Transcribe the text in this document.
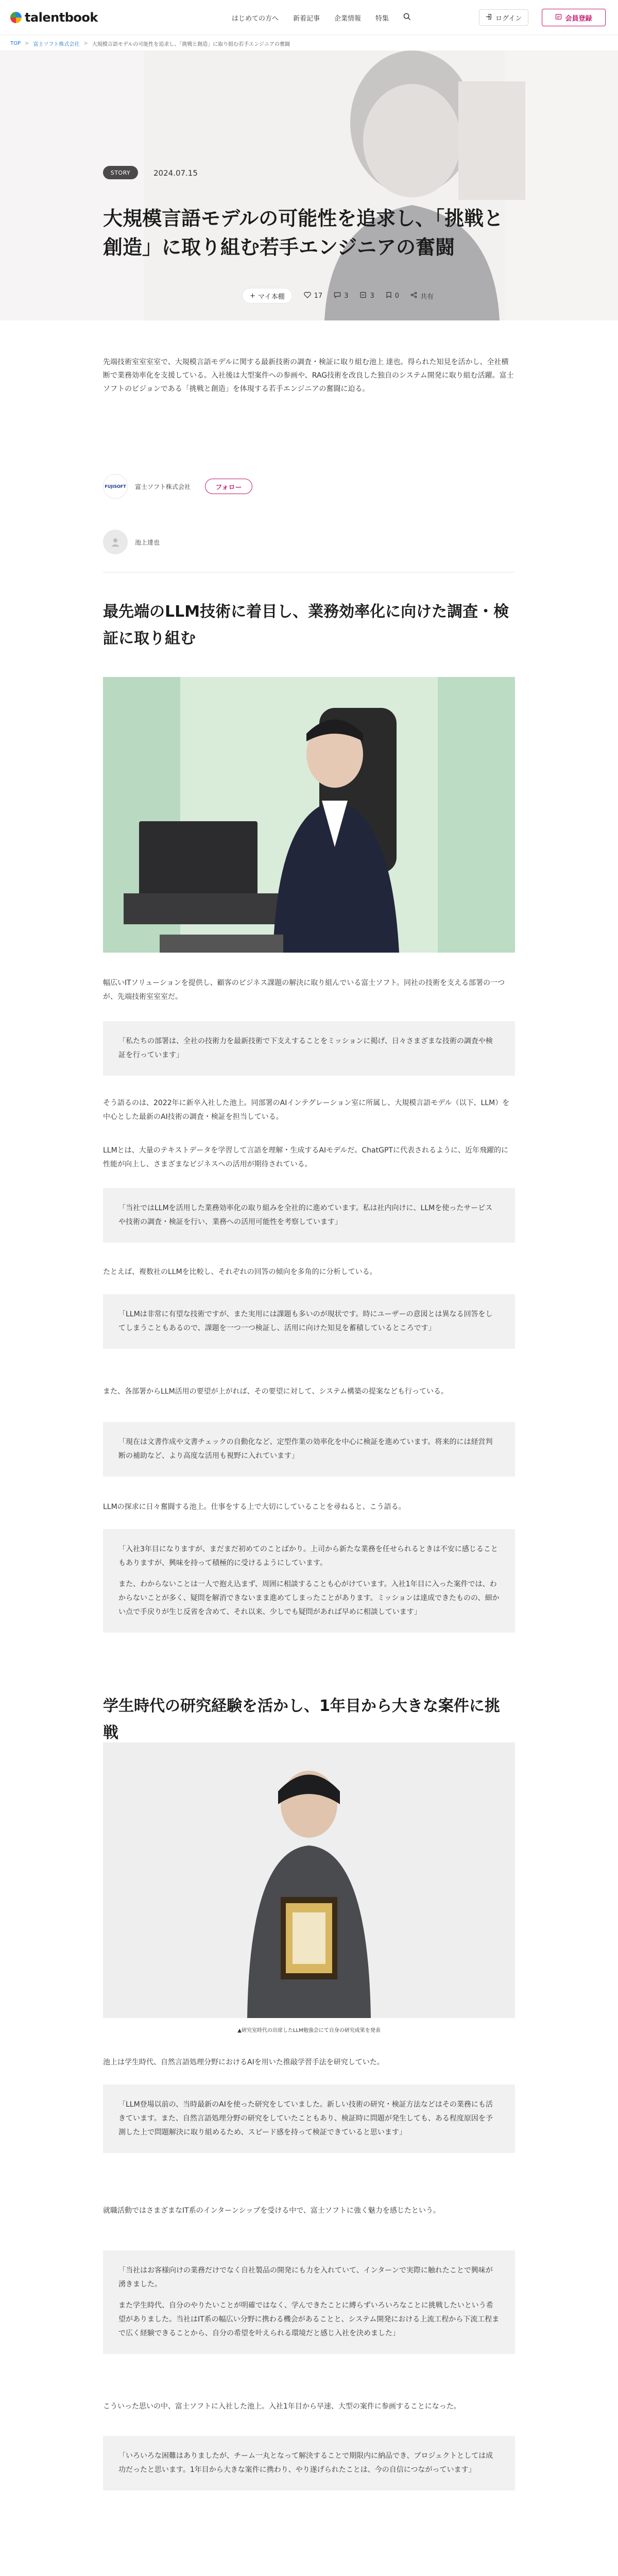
talentbook	はじめての方へ 新着記事 企業情報 特集	ログイン	会員登録
TOP > 富士ソフト株式会社 > 大規模言語モデルの可能性を追求し、「挑戦と創造」に取り組む若手エンジニアの奮闘
STORY	2024.07.15
大規模言語モデルの可能性を追求し、「挑戦と創造」に取り組む若手エンジニアの奮闘
+ マイ本棚	17	3	3	0	共有

先端技術室室室室で、大規模言語モデルに関する最新技術の調査・検証に取り組む池上 達也。得られた知見を活かし、全社横断で業務効率化を支援している。入社後は大型案件への参画や、RAG技術を改良した独自のシステム開発に取り組む活躍。富士ソフトのビジョンである「挑戦と創造」を体現する若手エンジニアの奮闘に迫る。

FUJISOFT 富士ソフト株式会社	フォロー
池上達也
最先端のLLM技術に着目し、業務効率化に向けた調査・検証に取り組む

幅広いITソリューションを提供し、顧客のビジネス課題の解決に取り組んでいる富士ソフト。同社の技術を支える部署の一つが、先端技術室室室だ。

「私たちの部署は、全社の技術力を最新技術で下支えすることをミッションに掲げ、日々さまざまな技術の調査や検証を行っています」

そう語るのは、2022年に新卒入社した池上。同部署のAIインテグレーション室に所属し、大規模言語モデル（以下、LLM）を中心とした最新のAI技術の調査・検証を担当している。

LLMとは、大量のテキストデータを学習して言語を理解・生成するAIモデルだ。ChatGPTに代表されるように、近年飛躍的に性能が向上し、さまざまなビジネスへの活用が期待されている。

「当社ではLLMを活用した業務効率化の取り組みを全社的に進めています。私は社内向けに、LLMを使ったサービスや技術の調査・検証を行い、業務への活用可能性を考察しています」

たとえば、複数社のLLMを比較し、それぞれの回答の傾向を多角的に分析している。

「LLMは非常に有望な技術ですが、また実用には課題も多いのが現状です。時にユーザーの意図とは異なる回答をしてしまうこともあるので、課題を一つ一つ検証し、活用に向けた知見を蓄積しているところです」

また、各部署からLLM活用の要望が上がれば、その要望に対して、システム構築の提案なども行っている。

「現在は文書作成や文書チェックの自動化など、定型作業の効率化を中心に検証を進めています。将来的には経営判断の補助など、より高度な活用も視野に入れています」

LLMの探求に日々奮闘する池上。仕事をする上で大切にしていることを尋ねると、こう語る。

「入社3年目になりますが、まだまだ初めてのことばかり。上司から新たな業務を任せられるときは不安に感じることもありますが、興味を持って積極的に受けるようにしています。

また、わからないことは一人で抱え込まず、周囲に相談することも心がけています。入社1年目に入った案件では、わからないことが多く、疑問を解消できないまま進めてしまったことがあります。ミッションは達成できたものの、細かい点で手戻りが生じ反省を含めて、それ以来、少しでも疑問があれば早めに相談しています」

学生時代の研究経験を活かし、1年目から大きな案件に挑戦

▲研究室時代の出席したLLM勉強会にて自身の研究成果を発表

池上は学生時代、自然言語処理分野におけるAIを用いた推敲学習手法を研究していた。

「LLM登場以前の、当時最新のAIを使った研究をしていました。新しい技術の研究・検証方法などはその業務にも活きています。また、自然言語処理分野の研究をしていたこともあり、検証時に問題が発生しても、ある程度原因を予測した上で問題解決に取り組めるため、スピード感を持って検証できていると思います」

就職活動ではさまざまなIT系のインターンシップを受ける中で、富士ソフトに強く魅力を感じたという。

「当社はお客様向けの業務だけでなく自社製品の開発にも力を入れていて、インターンで実際に触れたことで興味が湧きました。

また学生時代、自分のやりたいことが明確ではなく、学んできたことに縛らずいろいろなことに挑戦したいという希望がありました。当社はIT系の幅広い分野に携わる機会があることと、システム開発における上流工程から下流工程まで広く経験できることから、自分の希望を叶えられる環境だと感じ入社を決めました」

こういった思いの中、富士ソフトに入社した池上。入社1年目から早速、大型の案件に参画することになった。

「いろいろな困難はありましたが、チーム一丸となって解決することで期限内に納品でき、プロジェクトとしては成功だったと思います。1年目から大きな案件に携わり、やり遂げられたことは、今の自信につながっています」
